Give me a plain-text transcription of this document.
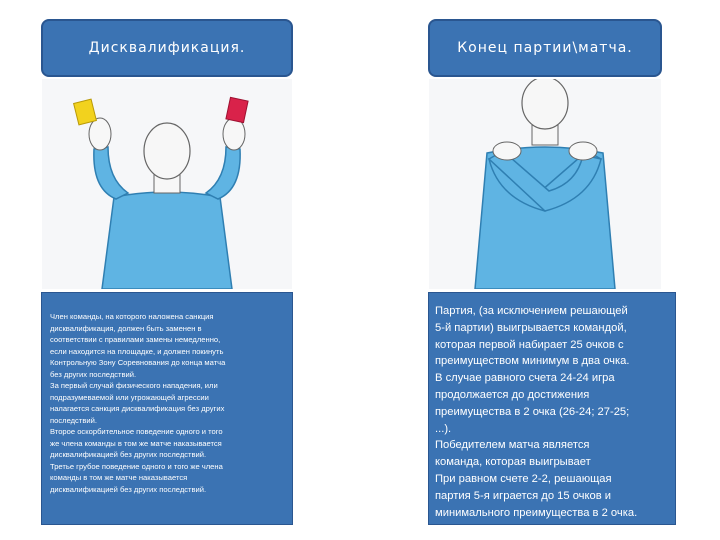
Дисквалификация.
Член команды, на которого наложена санкция
дисквалификация, должен быть заменен в
соответствии с правилами замены немедленно,
если находится на площадке, и должен покинуть
Контрольную Зону Соревнования до конца матча
без других последствий.
За первый случай физического нападения, или
подразумеваемой или угрожающей агрессии
налагается санкция дисквалификация без других
последствий.
Второе оскорбительное поведение одного и того
же члена команды в том же матче наказывается
дисквалификацией без других последствий.
Третье грубое поведение одного и того же члена
команды в том же матче наказывается
дисквалификацией без других последствий.
Конец партии\матча.
Партия, (за исключением решающей
5-й партии) выигрывается командой,
которая первой набирает 25 очков с
преимуществом минимум в два очка.
В случае равного счета 24-24 игра
продолжается до достижения
преимущества в 2 очка (26-24; 27-25;
...).
Победителем матча является
команда, которая выигрывает
При равном счете 2-2, решающая
партия 5-я играется до 15 очков и
минимального преимущества в 2 очка.
